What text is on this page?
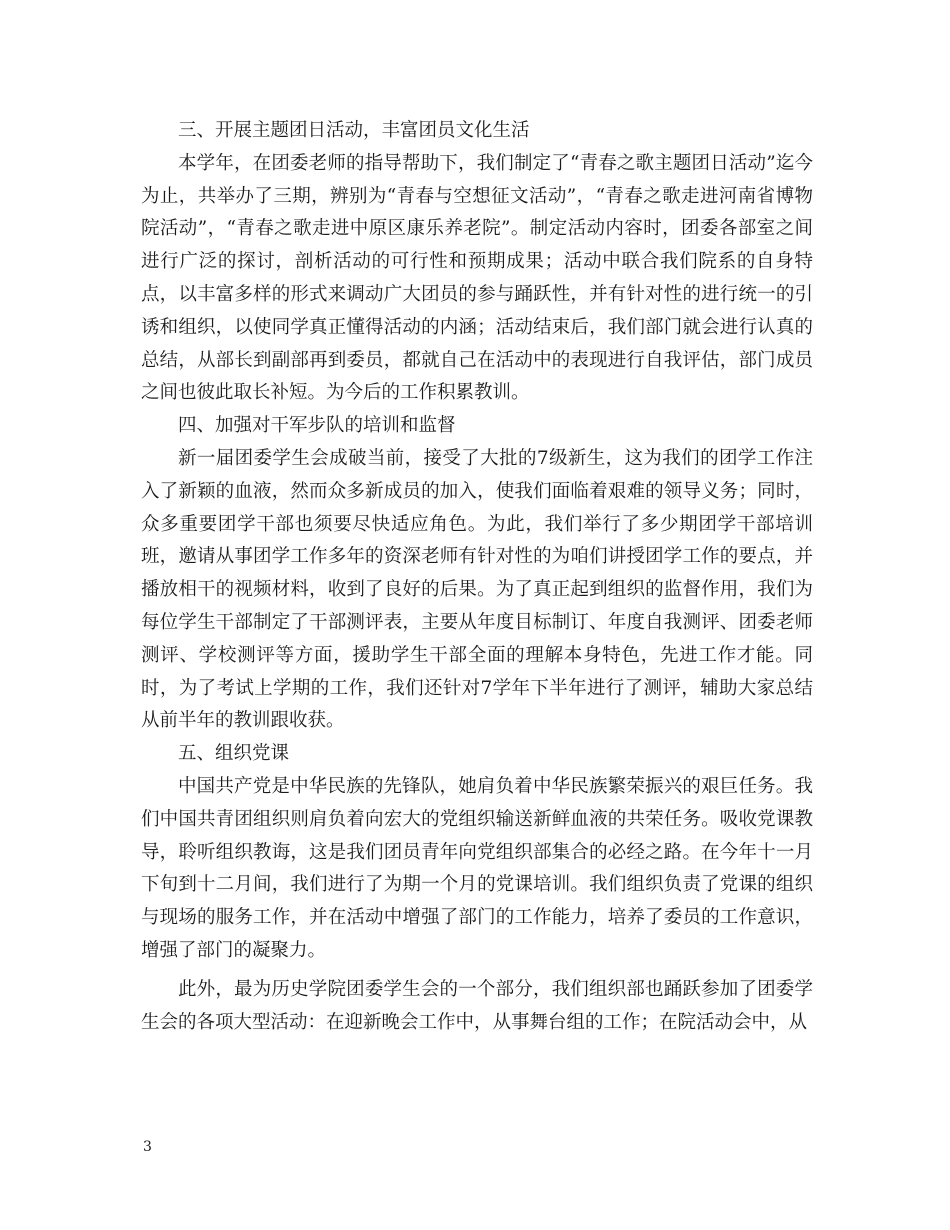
三、开展主题团日活动，丰富团员文化生活

本学年，在团委老师的指导帮助下，我们制定了“青春之歌主题团日活动”迄今为止，共举办了三期，辨别为“青春与空想征文活动”，“青春之歌走进河南省博物院活动”，“青春之歌走进中原区康乐养老院”。制定活动内容时，团委各部室之间进行广泛的探讨，剖析活动的可行性和预期成果；活动中联合我们院系的自身特点，以丰富多样的形式来调动广大团员的参与踊跃性，并有针对性的进行统一的引诱和组织，以使同学真正懂得活动的内涵；活动结束后，我们部门就会进行认真的总结，从部长到副部再到委员，都就自己在活动中的表现进行自我评估，部门成员之间也彼此取长补短。为今后的工作积累教训。

四、加强对干军步队的培训和监督

新一届团委学生会成破当前，接受了大批的7级新生，这为我们的团学工作注入了新颖的血液，然而众多新成员的加入，使我们面临着艰难的领导义务；同时，众多重要团学干部也须要尽快适应角色。为此，我们举行了多少期团学干部培训班，邀请从事团学工作多年的资深老师有针对性的为咱们讲授团学工作的要点，并播放相干的视频材料，收到了良好的后果。为了真正起到组织的监督作用，我们为每位学生干部制定了干部测评表，主要从年度目标制订、年度自我测评、团委老师测评、学校测评等方面，援助学生干部全面的理解本身特色，先进工作才能。同时，为了考试上学期的工作，我们还针对7学年下半年进行了测评，辅助大家总结从前半年的教训跟收获。

五、组织党课

中国共产党是中华民族的先锋队，她肩负着中华民族繁荣振兴的艰巨任务。我们中国共青团组织则肩负着向宏大的党组织输送新鲜血液的共荣任务。吸收党课教导，聆听组织教诲，这是我们团员青年向党组织部集合的必经之路。在今年十一月下旬到十二月间，我们进行了为期一个月的党课培训。我们组织负责了党课的组织与现场的服务工作，并在活动中增强了部门的工作能力，培养了委员的工作意识，增强了部门的凝聚力。

此外，最为历史学院团委学生会的一个部分，我们组织部也踊跃参加了团委学生会的各项大型活动：在迎新晚会工作中，从事舞台组的工作；在院活动会中，从

3
